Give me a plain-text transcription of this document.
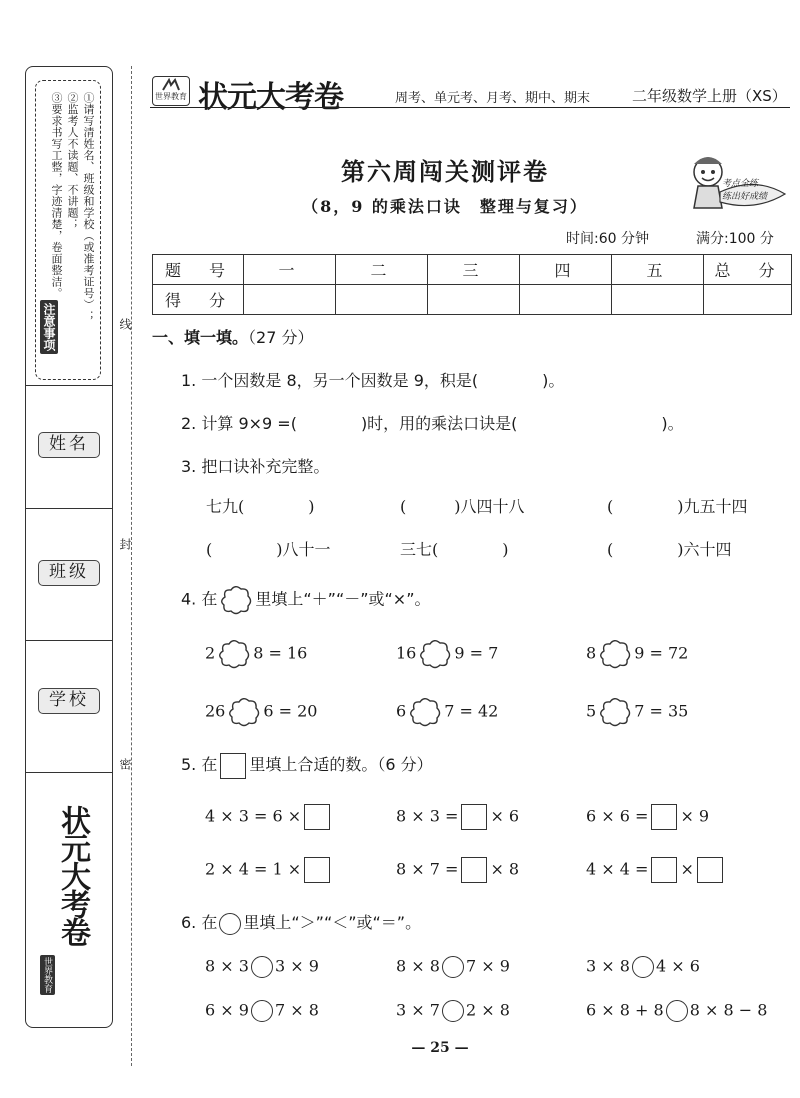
①请写清姓名、班级和学校（或准考证号）；
②监考人不读题、不讲题；
③要求书写工整，字迹清楚，卷面整洁。
注意事项
姓名
班级
学校
状元大考卷
世界教育
线
封
密
世界教育 状元大考卷	周考、单元考、月考、期中、期末	二年级数学上册（XS）
第六周闯关测评卷
（8，9 的乘法口诀　整理与复习）
考点全练
练出好成绩
时间:60 分钟	满分:100 分
题　号	一	二	三	四	五	总　分
得　分						
一、填一填。（27 分）
1. 一个因数是 8，另一个因数是 9，积是(　　　　)。
2. 计算 9×9 =(　　　　)时，用的乘法口诀是(　　　　　　　　　)。
3. 把口诀补充完整。
七九(　　　　)	(　　　)八四十八	(　　　　)九五十四
(　　　　)八十一	三七(　　　　)	(　　　　)六十四
4. 在 里填上“＋”“－”或“×”。
2 8 = 16	16 9 = 7	8 9 = 72
26 6 = 20	6 7 = 42	5 7 = 35
5. 在 里填上合适的数。（6 分）
4 × 3 = 6 ×	8 × 3 = × 6	6 × 6 = × 9
2 × 4 = 1 ×	8 × 7 = × 8	4 × 4 = ×
6. 在 里填上“＞”“＜”或“＝”。
8 × 3 3 × 9	8 × 8 7 × 9	3 × 8 4 × 6
6 × 9 7 × 8	3 × 7 2 × 8	6 × 8 + 8 8 × 8 − 8
— 25 —
